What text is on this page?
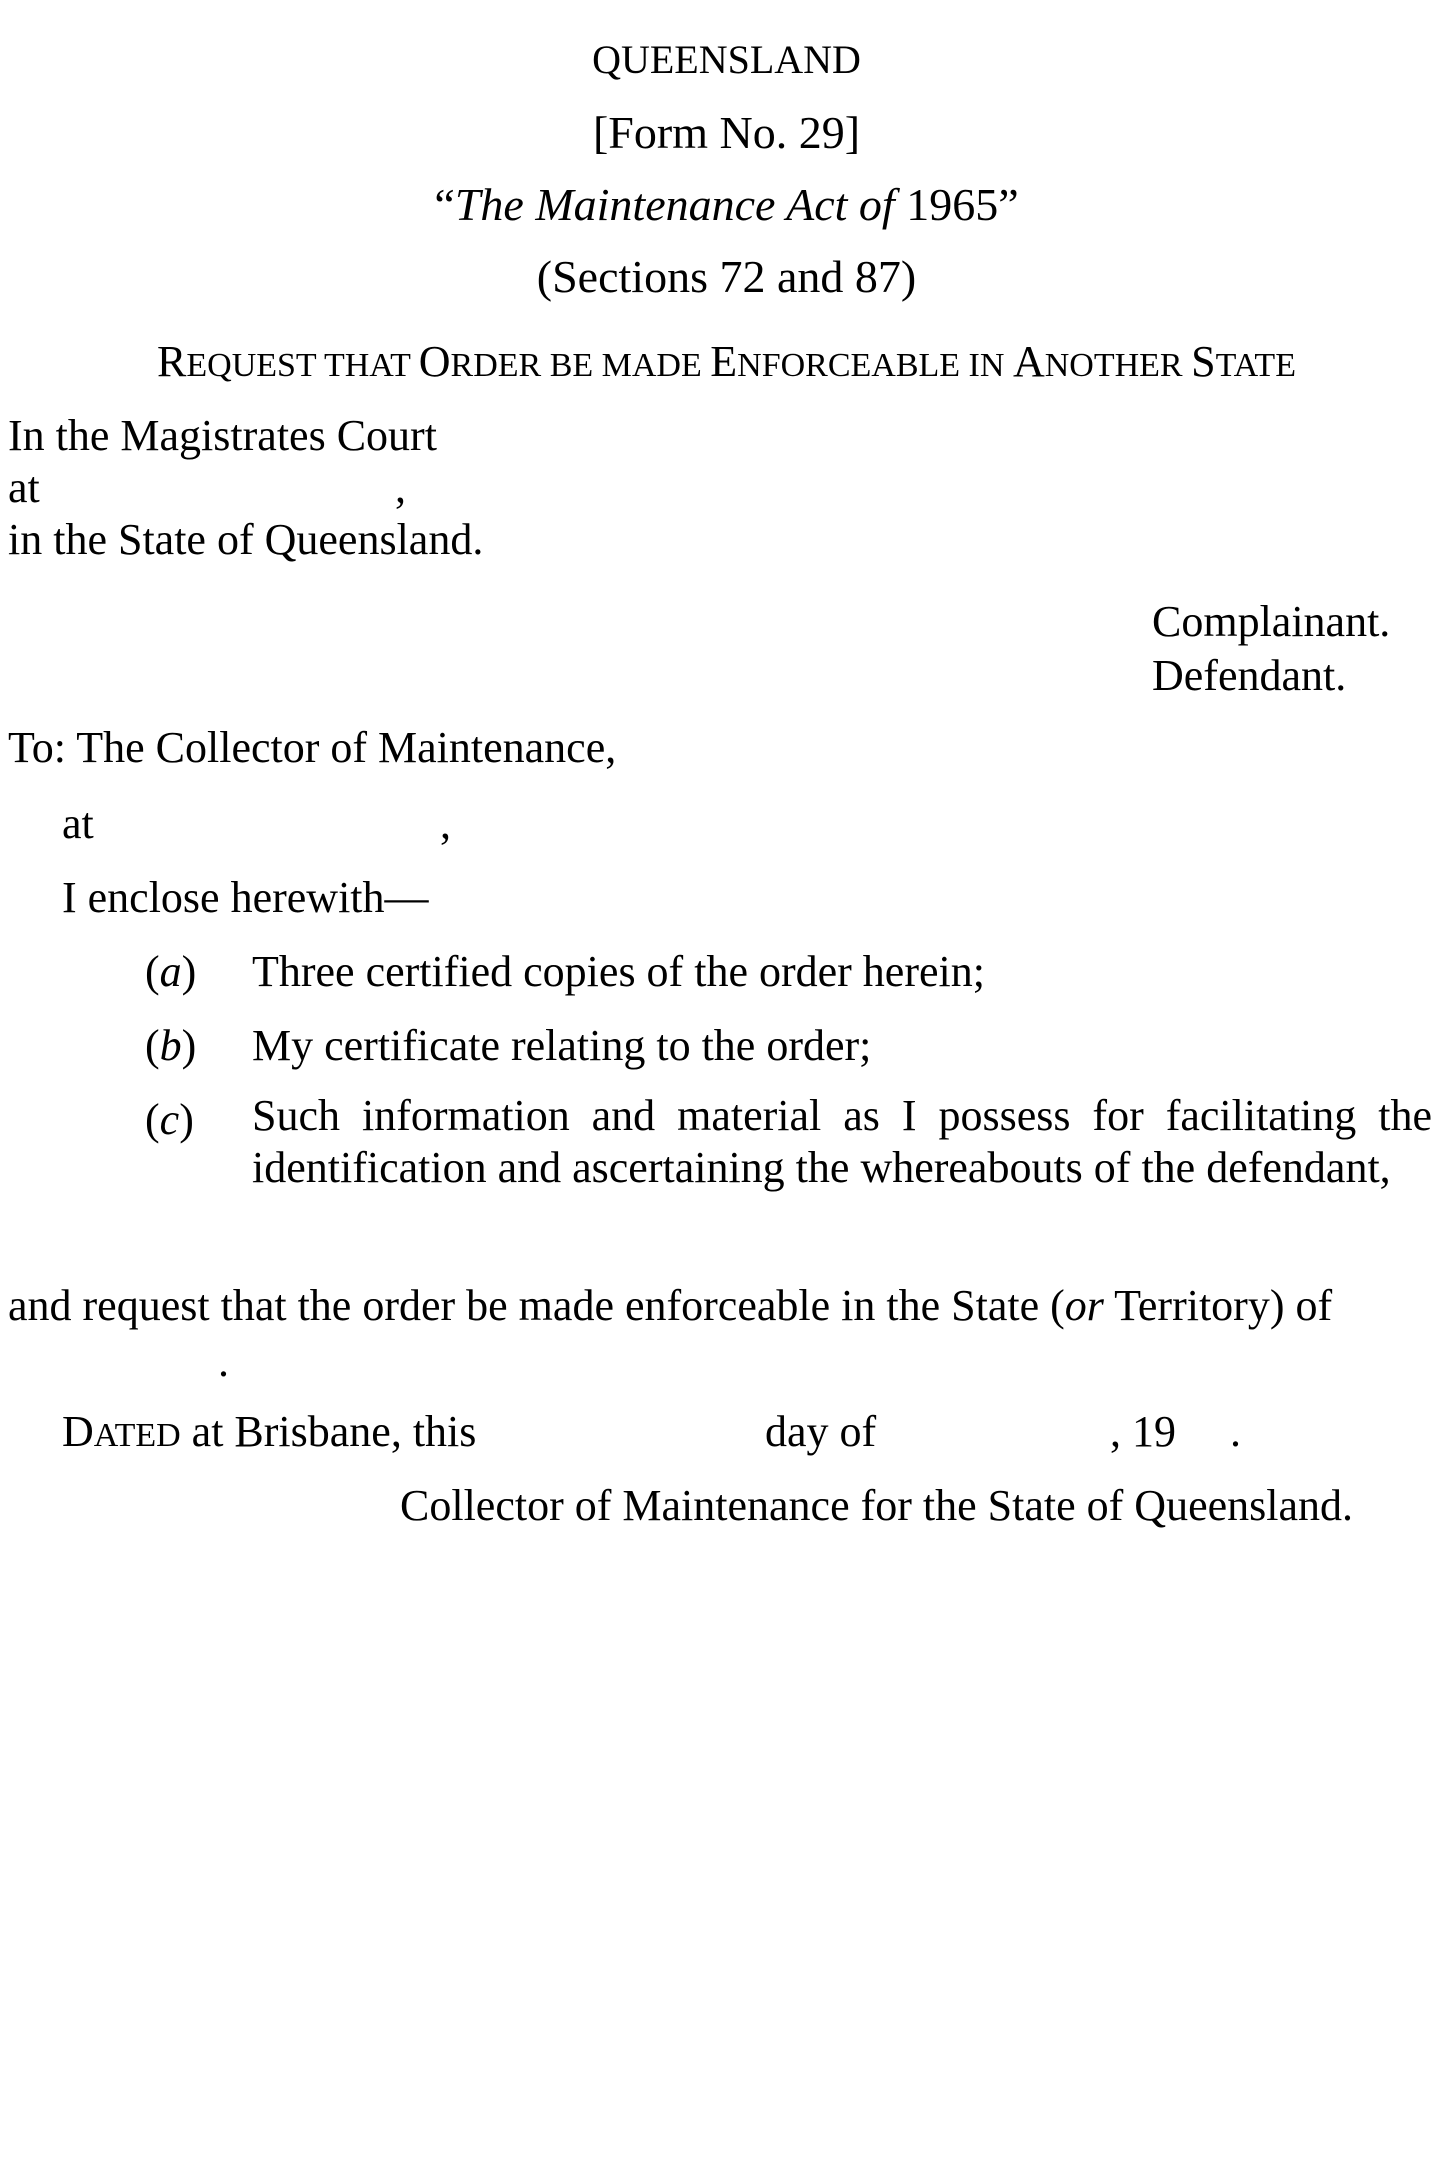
QUEENSLAND
[Form No. 29]
“The Maintenance Act of 1965”
(Sections 72 and 87)
REQUEST THAT ORDER BE MADE ENFORCEABLE IN ANOTHER STATE
In the Magistrates Court
at	,
in the State of Queensland.
Complainant.
Defendant.
To: The Collector of Maintenance,
at	,
I enclose herewith—
(a) Three certified copies of the order herein;
(b) My certificate relating to the order;
(c) Such information and material as I possess for facilitating the identification and ascertaining the whereabouts of the defendant,
and request that the order be made enforceable in the State (or Territory) of
.
DATED at Brisbane, this	day of	, 19 .
Collector of Maintenance for the State of Queensland.
